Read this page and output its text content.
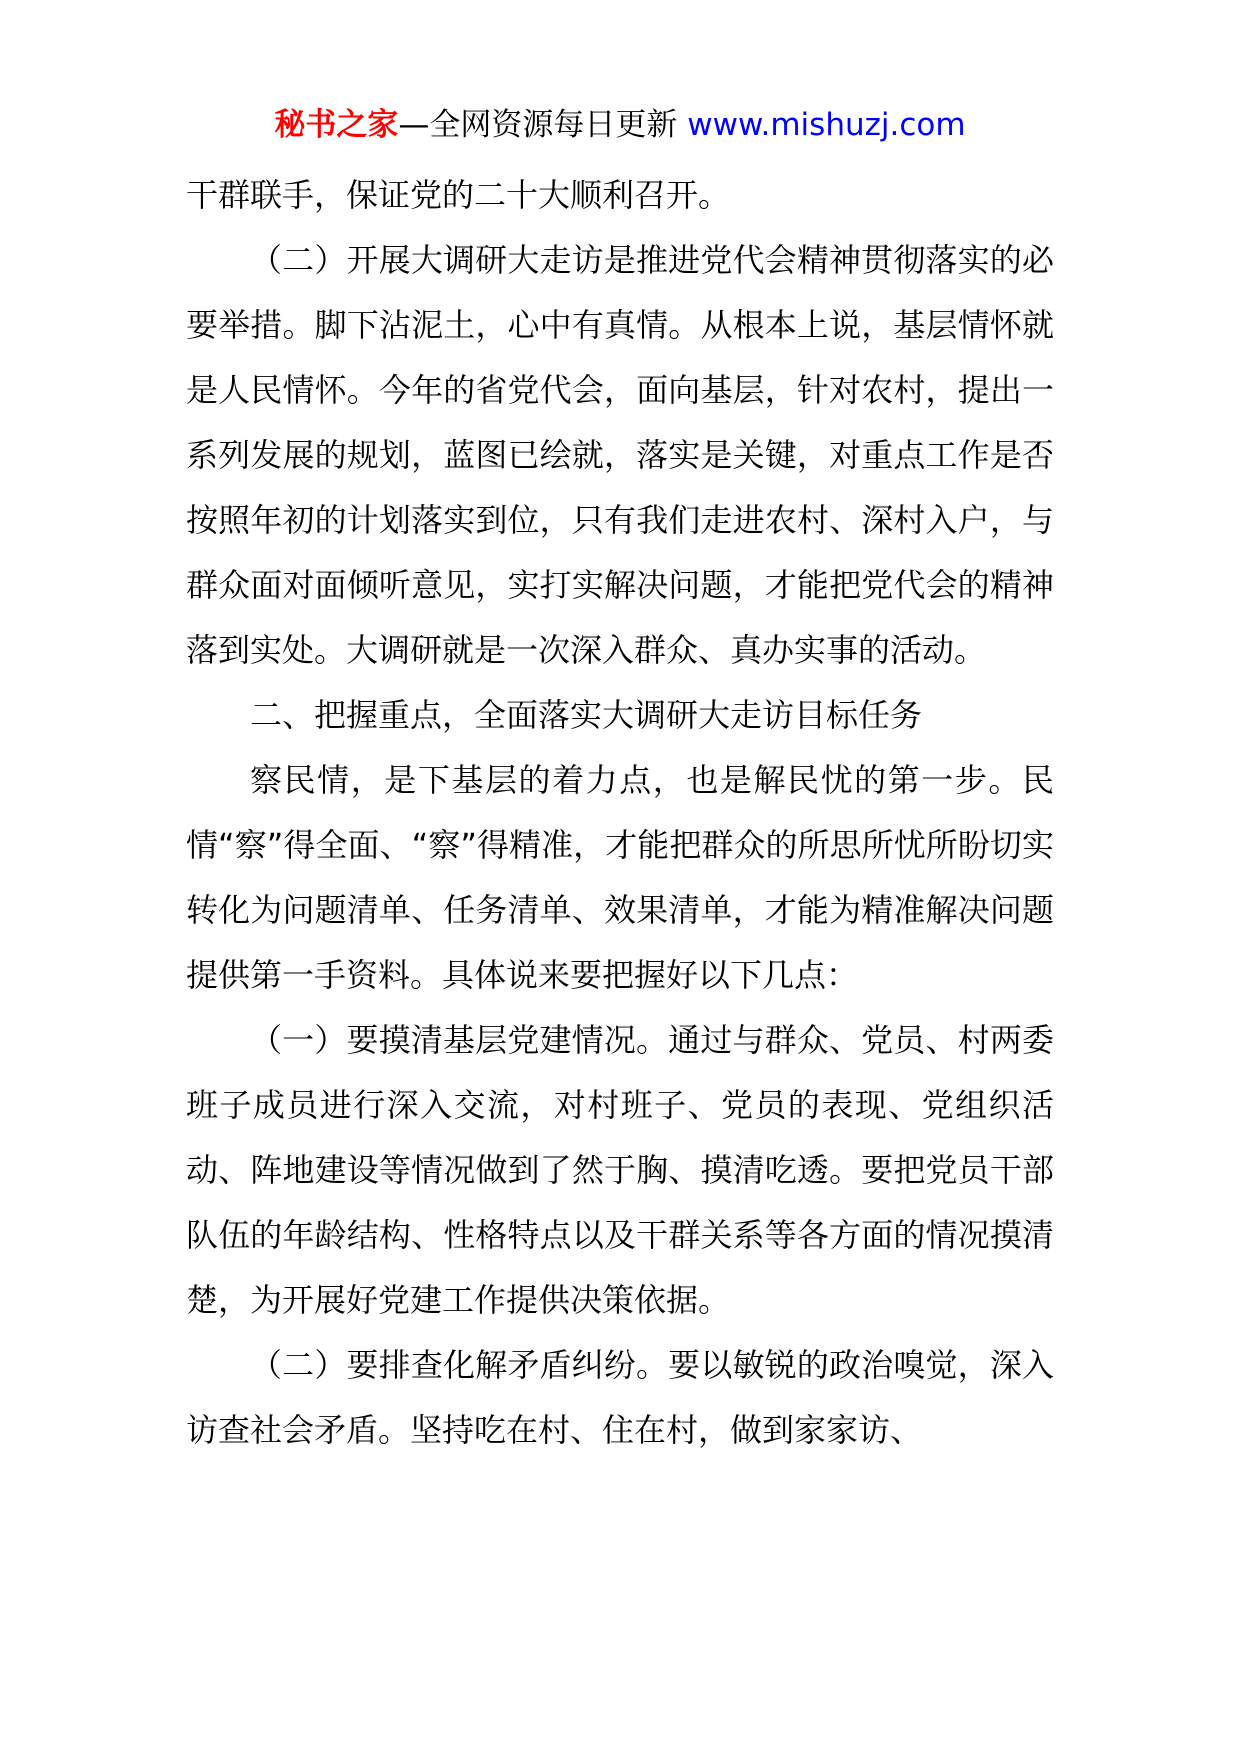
秘书之家—全网资源每日更新 www.mishuzj.com

干群联手，保证党的二十大顺利召开。

（二）开展大调研大走访是推进党代会精神贯彻落实的必要举措。脚下沾泥土，心中有真情。从根本上说，基层情怀就是人民情怀。今年的省党代会，面向基层，针对农村，提出一系列发展的规划，蓝图已绘就，落实是关键，对重点工作是否按照年初的计划落实到位，只有我们走进农村、深村入户，与群众面对面倾听意见，实打实解决问题，才能把党代会的精神落到实处。大调研就是一次深入群众、真办实事的活动。

二、把握重点，全面落实大调研大走访目标任务

察民情，是下基层的着力点，也是解民忧的第一步。民情“察”得全面、“察”得精准，才能把群众的所思所忧所盼切实转化为问题清单、任务清单、效果清单，才能为精准解决问题提供第一手资料。具体说来要把握好以下几点：

（一）要摸清基层党建情况。通过与群众、党员、村两委班子成员进行深入交流，对村班子、党员的表现、党组织活动、阵地建设等情况做到了然于胸、摸清吃透。要把党员干部队伍的年龄结构、性格特点以及干群关系等各方面的情况摸清楚，为开展好党建工作提供决策依据。

（二）要排查化解矛盾纠纷。要以敏锐的政治嗅觉，深入访查社会矛盾。坚持吃在村、住在村，做到家家访、
